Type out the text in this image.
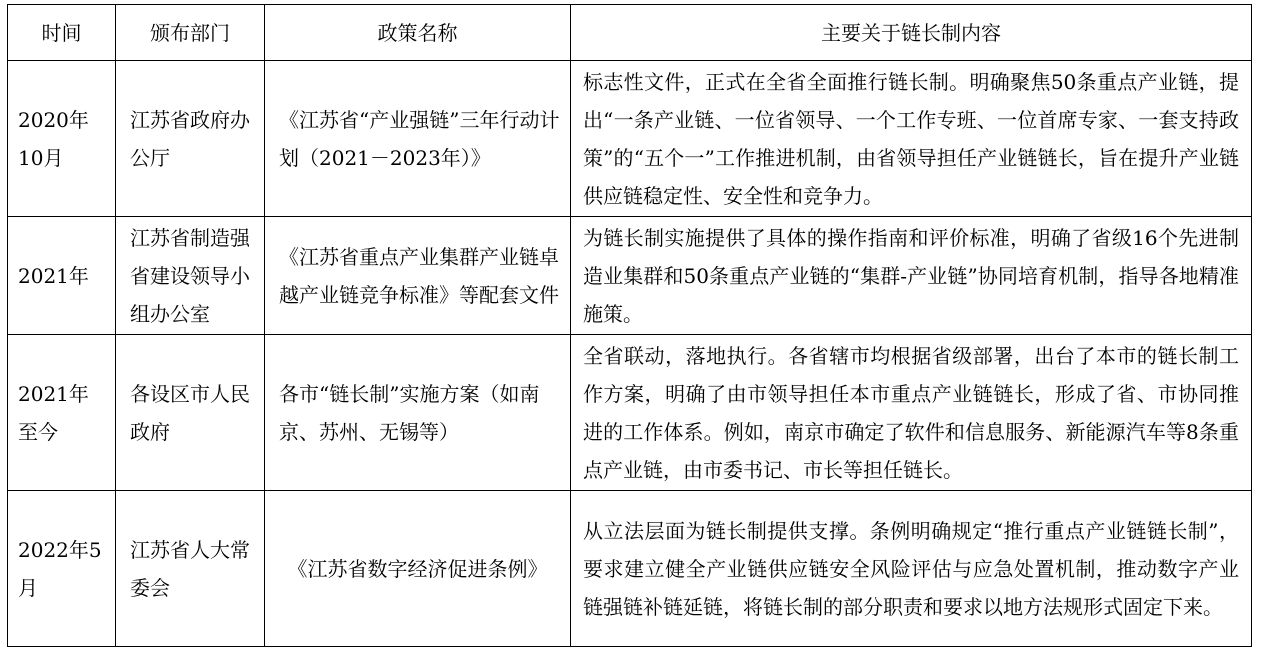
时间	颁布部门	政策名称	主要关于链长制内容
2020年10月	江苏省政府办公厅	《江苏省“产业强链”三年行动计划（2021－2023年）》	标志性文件，正式在全省全面推行链长制。明确聚焦50条重点产业链，提出“一条产业链、一位省领导、一个工作专班、一位首席专家、一套支持政策”的“五个一”工作推进机制，由省领导担任产业链链长，旨在提升产业链供应链稳定性、安全性和竞争力。
2021年	江苏省制造强省建设领导小组办公室	《江苏省重点产业集群产业链卓越产业链竞争标准》等配套文件	为链长制实施提供了具体的操作指南和评价标准，明确了省级16个先进制造业集群和50条重点产业链的“集群-产业链”协同培育机制，指导各地精准施策。
2021年至今	各设区市人民政府	各市“链长制”实施方案（如南京、苏州、无锡等）	全省联动，落地执行。各省辖市均根据省级部署，出台了本市的链长制工作方案，明确了由市领导担任本市重点产业链链长，形成了省、市协同推进的工作体系。例如，南京市确定了软件和信息服务、新能源汽车等8条重点产业链，由市委书记、市长等担任链长。
2022年5月	江苏省人大常委会	《江苏省数字经济促进条例》	从立法层面为链长制提供支撑。条例明确规定“推行重点产业链链长制”，要求建立健全产业链供应链安全风险评估与应急处置机制，推动数字产业链强链补链延链，将链长制的部分职责和要求以地方法规形式固定下来。
